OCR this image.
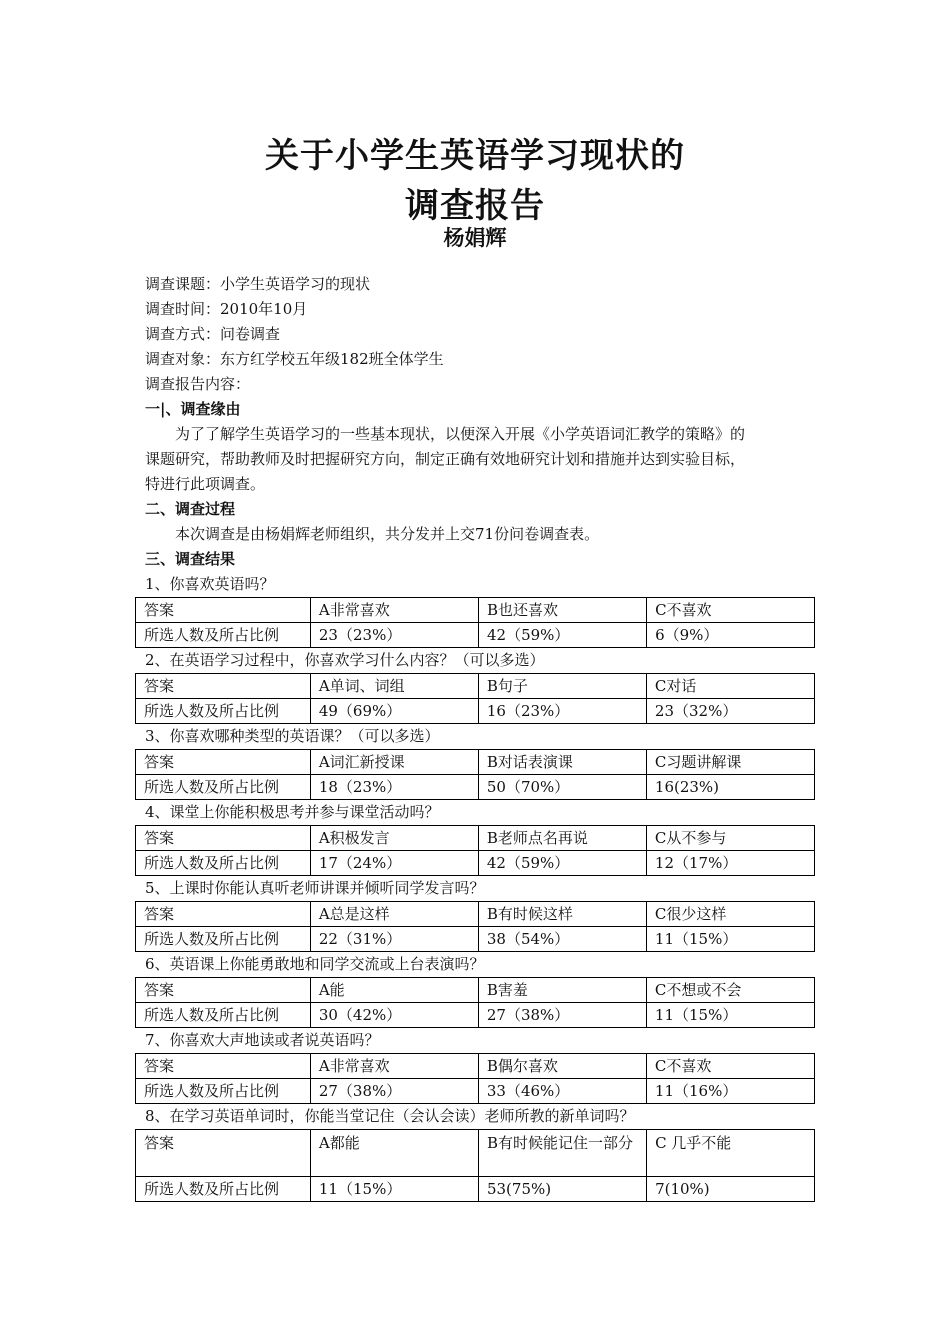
关于小学生英语学习现状的
调查报告
杨娟辉
调查课题：小学生英语学习的现状
调查时间：2010年10月
调查方式：问卷调查
调查对象：东方红学校五年级182班全体学生
调查报告内容：
一|、调查缘由
为了了解学生英语学习的一些基本现状，以便深入开展《小学英语词汇教学的策略》的
课题研究，帮助教师及时把握研究方向，制定正确有效地研究计划和措施并达到实验目标，
特进行此项调查。
二、调查过程
本次调查是由杨娟辉老师组织，共分发并上交71份问卷调查表。
三、调查结果
1、你喜欢英语吗？
答案	A非常喜欢	B也还喜欢	C不喜欢
所选人数及所占比例	23（23%）	42（59%）	6（9%）
2、在英语学习过程中，你喜欢学习什么内容？（可以多选）
答案	A单词、词组	B句子	C对话
所选人数及所占比例	49（69%）	16（23%）	23（32%）
3、你喜欢哪种类型的英语课？（可以多选）
答案	A词汇新授课	B对话表演课	C习题讲解课
所选人数及所占比例	18（23%）	50（70%）	16(23%)
4、课堂上你能积极思考并参与课堂活动吗？
答案	A积极发言	B老师点名再说	C从不参与
所选人数及所占比例	17（24%）	42（59%）	12（17%）
5、上课时你能认真听老师讲课并倾听同学发言吗？
答案	A总是这样	B有时候这样	C很少这样
所选人数及所占比例	22（31%）	38（54%）	11（15%）
6、英语课上你能勇敢地和同学交流或上台表演吗？
答案	A能	B害羞	C不想或不会
所选人数及所占比例	30（42%）	27（38%）	11（15%）
7、你喜欢大声地读或者说英语吗？
答案	A非常喜欢	B偶尔喜欢	C不喜欢
所选人数及所占比例	27（38%）	33（46%）	11（16%）
8、在学习英语单词时，你能当堂记住（会认会读）老师所教的新单词吗？
答案	A都能	B有时候能记住一部分	C 几乎不能
所选人数及所占比例	11（15%）	53(75%)	7(10%)
